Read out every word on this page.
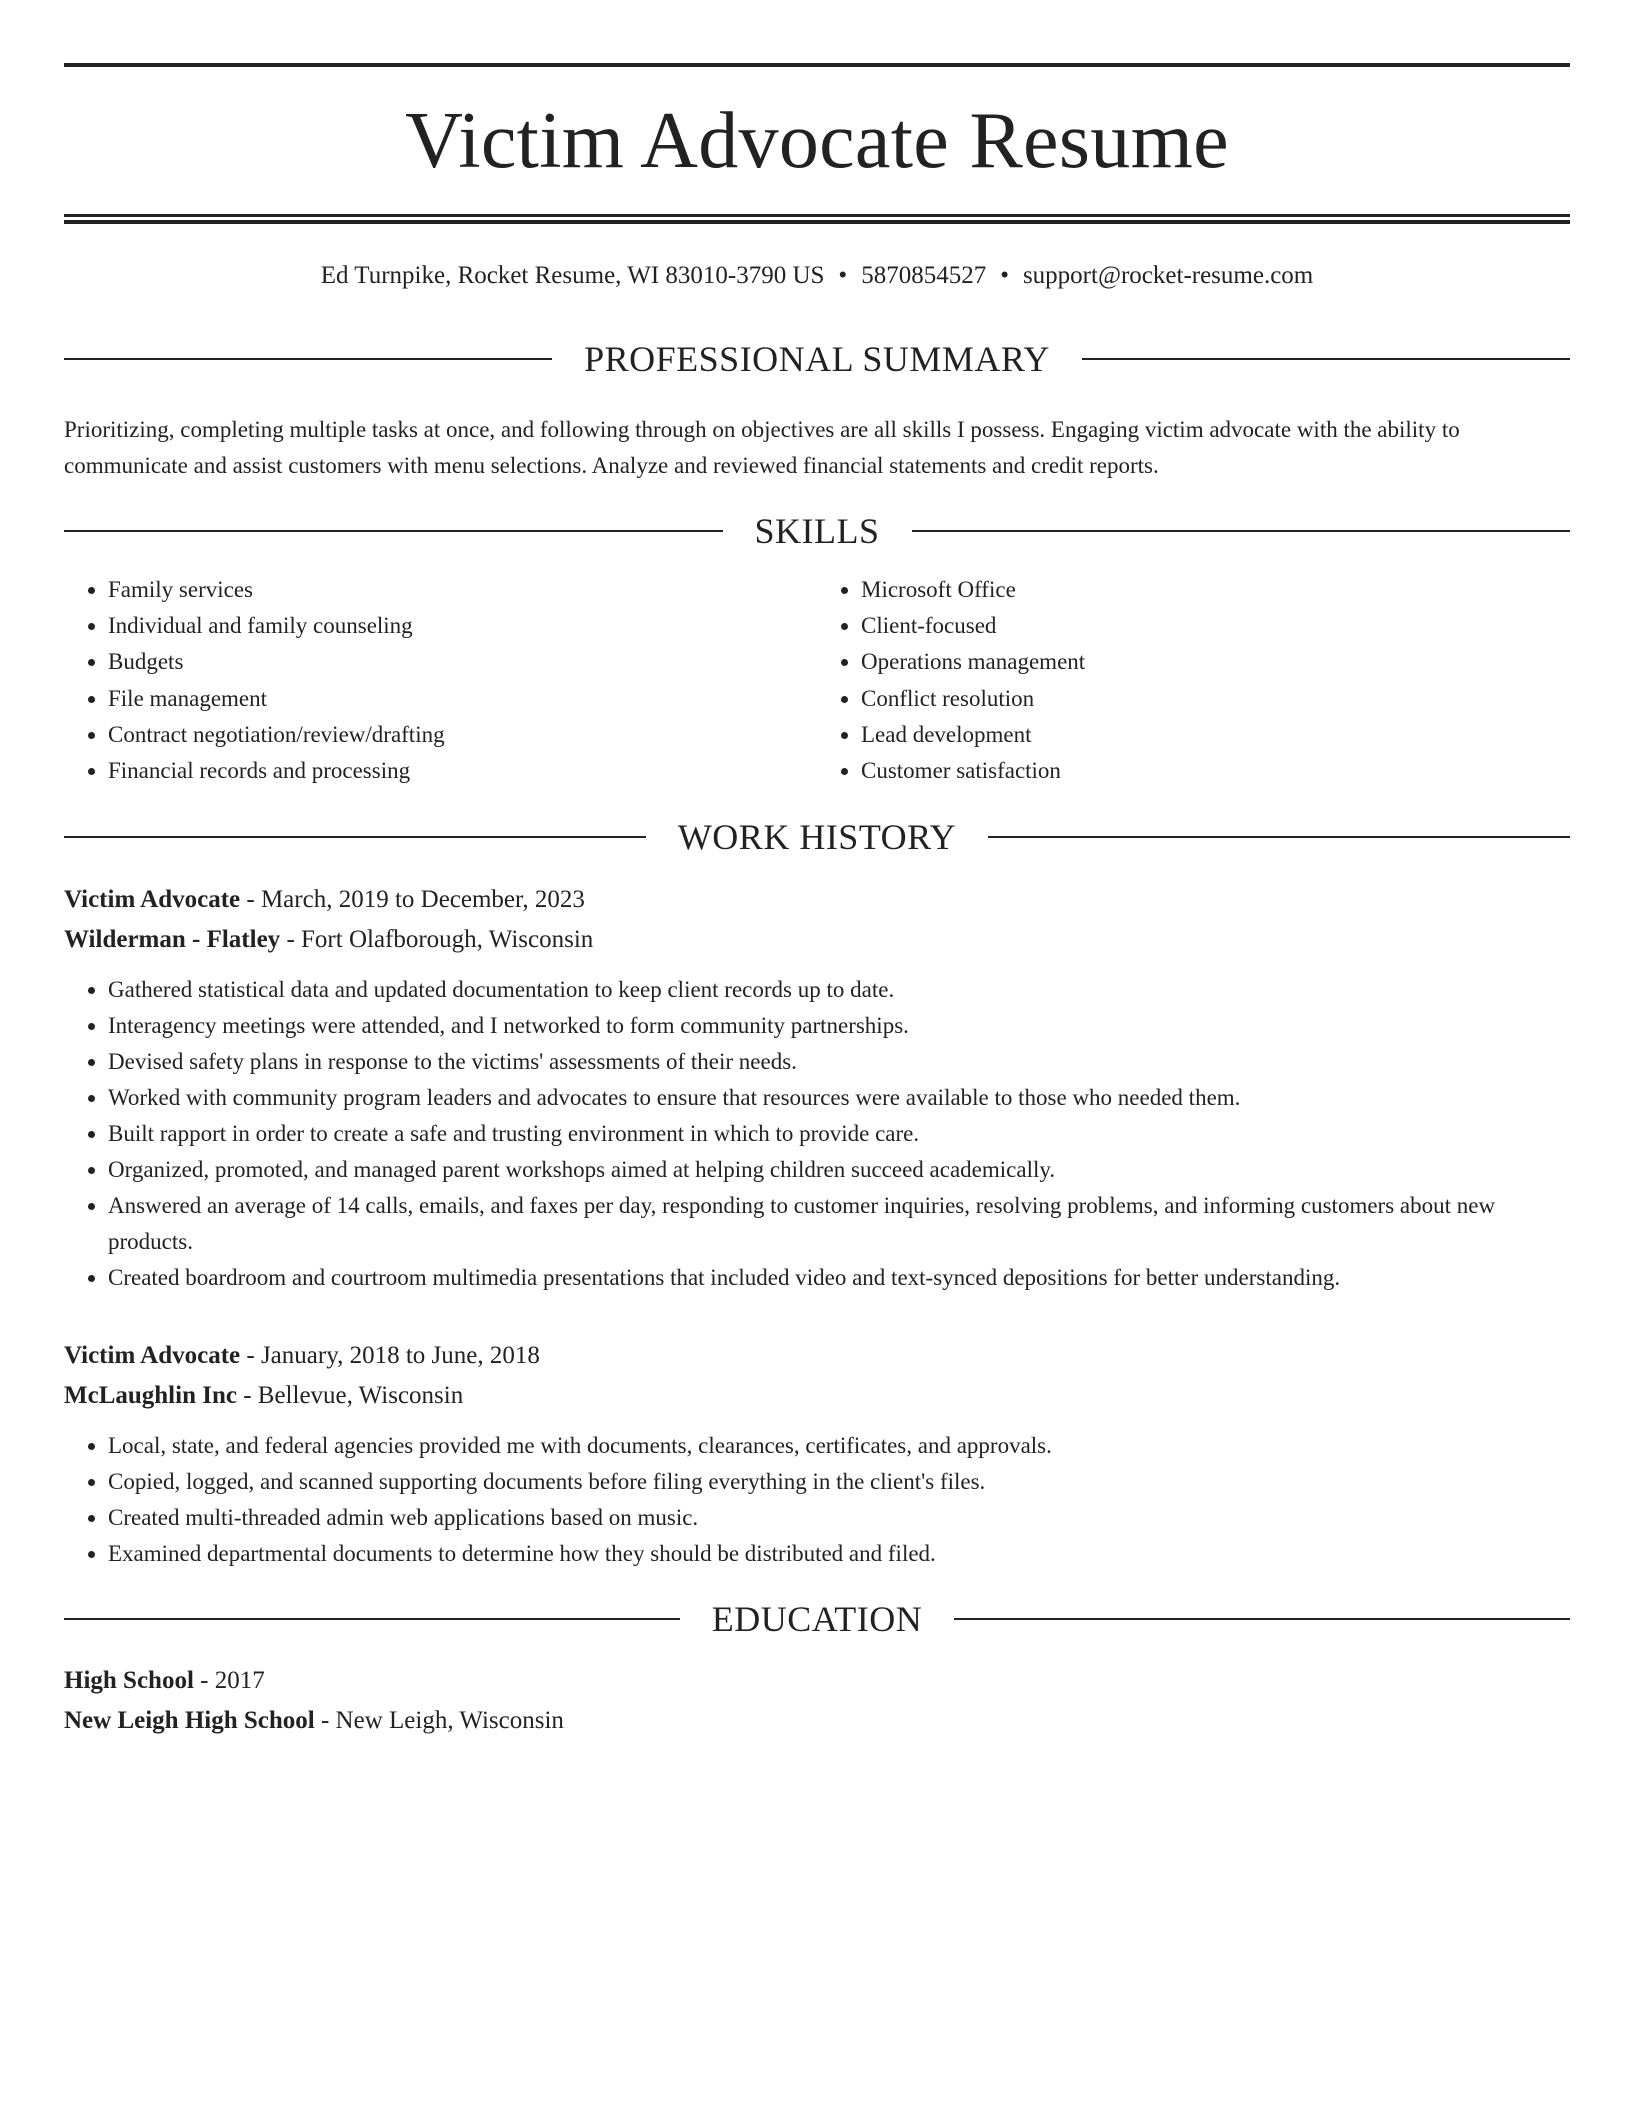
Victim Advocate Resume
Ed Turnpike, Rocket Resume, WI 83010-3790 US • 5870854527 • support@rocket-resume.com
PROFESSIONAL SUMMARY
Prioritizing, completing multiple tasks at once, and following through on objectives are all skills I possess. Engaging victim advocate with the ability to communicate and assist customers with menu selections. Analyze and reviewed financial statements and credit reports.
SKILLS
• Family services
• Individual and family counseling
• Budgets
• File management
• Contract negotiation/review/drafting
• Financial records and processing
• Microsoft Office
• Client-focused
• Operations management
• Conflict resolution
• Lead development
• Customer satisfaction
WORK HISTORY
Victim Advocate - March, 2019 to December, 2023
Wilderman - Flatley - Fort Olafborough, Wisconsin
• Gathered statistical data and updated documentation to keep client records up to date.
• Interagency meetings were attended, and I networked to form community partnerships.
• Devised safety plans in response to the victims' assessments of their needs.
• Worked with community program leaders and advocates to ensure that resources were available to those who needed them.
• Built rapport in order to create a safe and trusting environment in which to provide care.
• Organized, promoted, and managed parent workshops aimed at helping children succeed academically.
• Answered an average of 14 calls, emails, and faxes per day, responding to customer inquiries, resolving problems, and informing customers about new products.
• Created boardroom and courtroom multimedia presentations that included video and text-synced depositions for better understanding.
Victim Advocate - January, 2018 to June, 2018
McLaughlin Inc - Bellevue, Wisconsin
• Local, state, and federal agencies provided me with documents, clearances, certificates, and approvals.
• Copied, logged, and scanned supporting documents before filing everything in the client's files.
• Created multi-threaded admin web applications based on music.
• Examined departmental documents to determine how they should be distributed and filed.
EDUCATION
High School - 2017
New Leigh High School - New Leigh, Wisconsin
